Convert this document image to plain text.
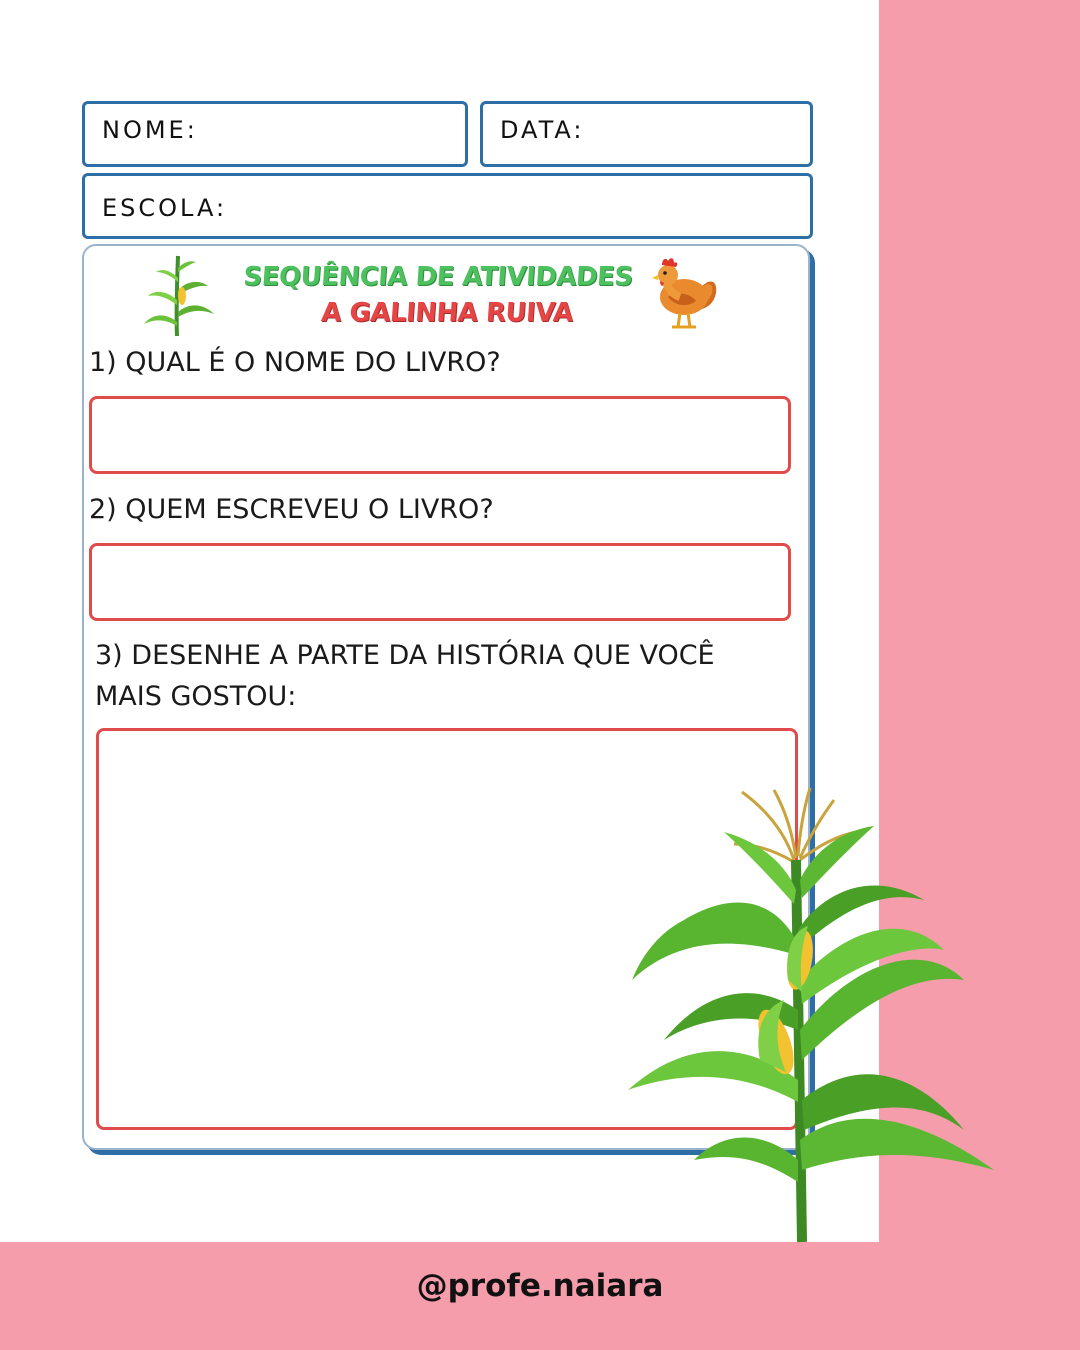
NOME:	DATA:
ESCOLA:
SEQUÊNCIA DE ATIVIDADES
A GALINHA RUIVA
1) QUAL É O NOME DO LIVRO?
2) QUEM ESCREVEU O LIVRO?
3) DESENHE A PARTE DA HISTÓRIA QUE VOCÊ
MAIS GOSTOU:
@profe.naiara
